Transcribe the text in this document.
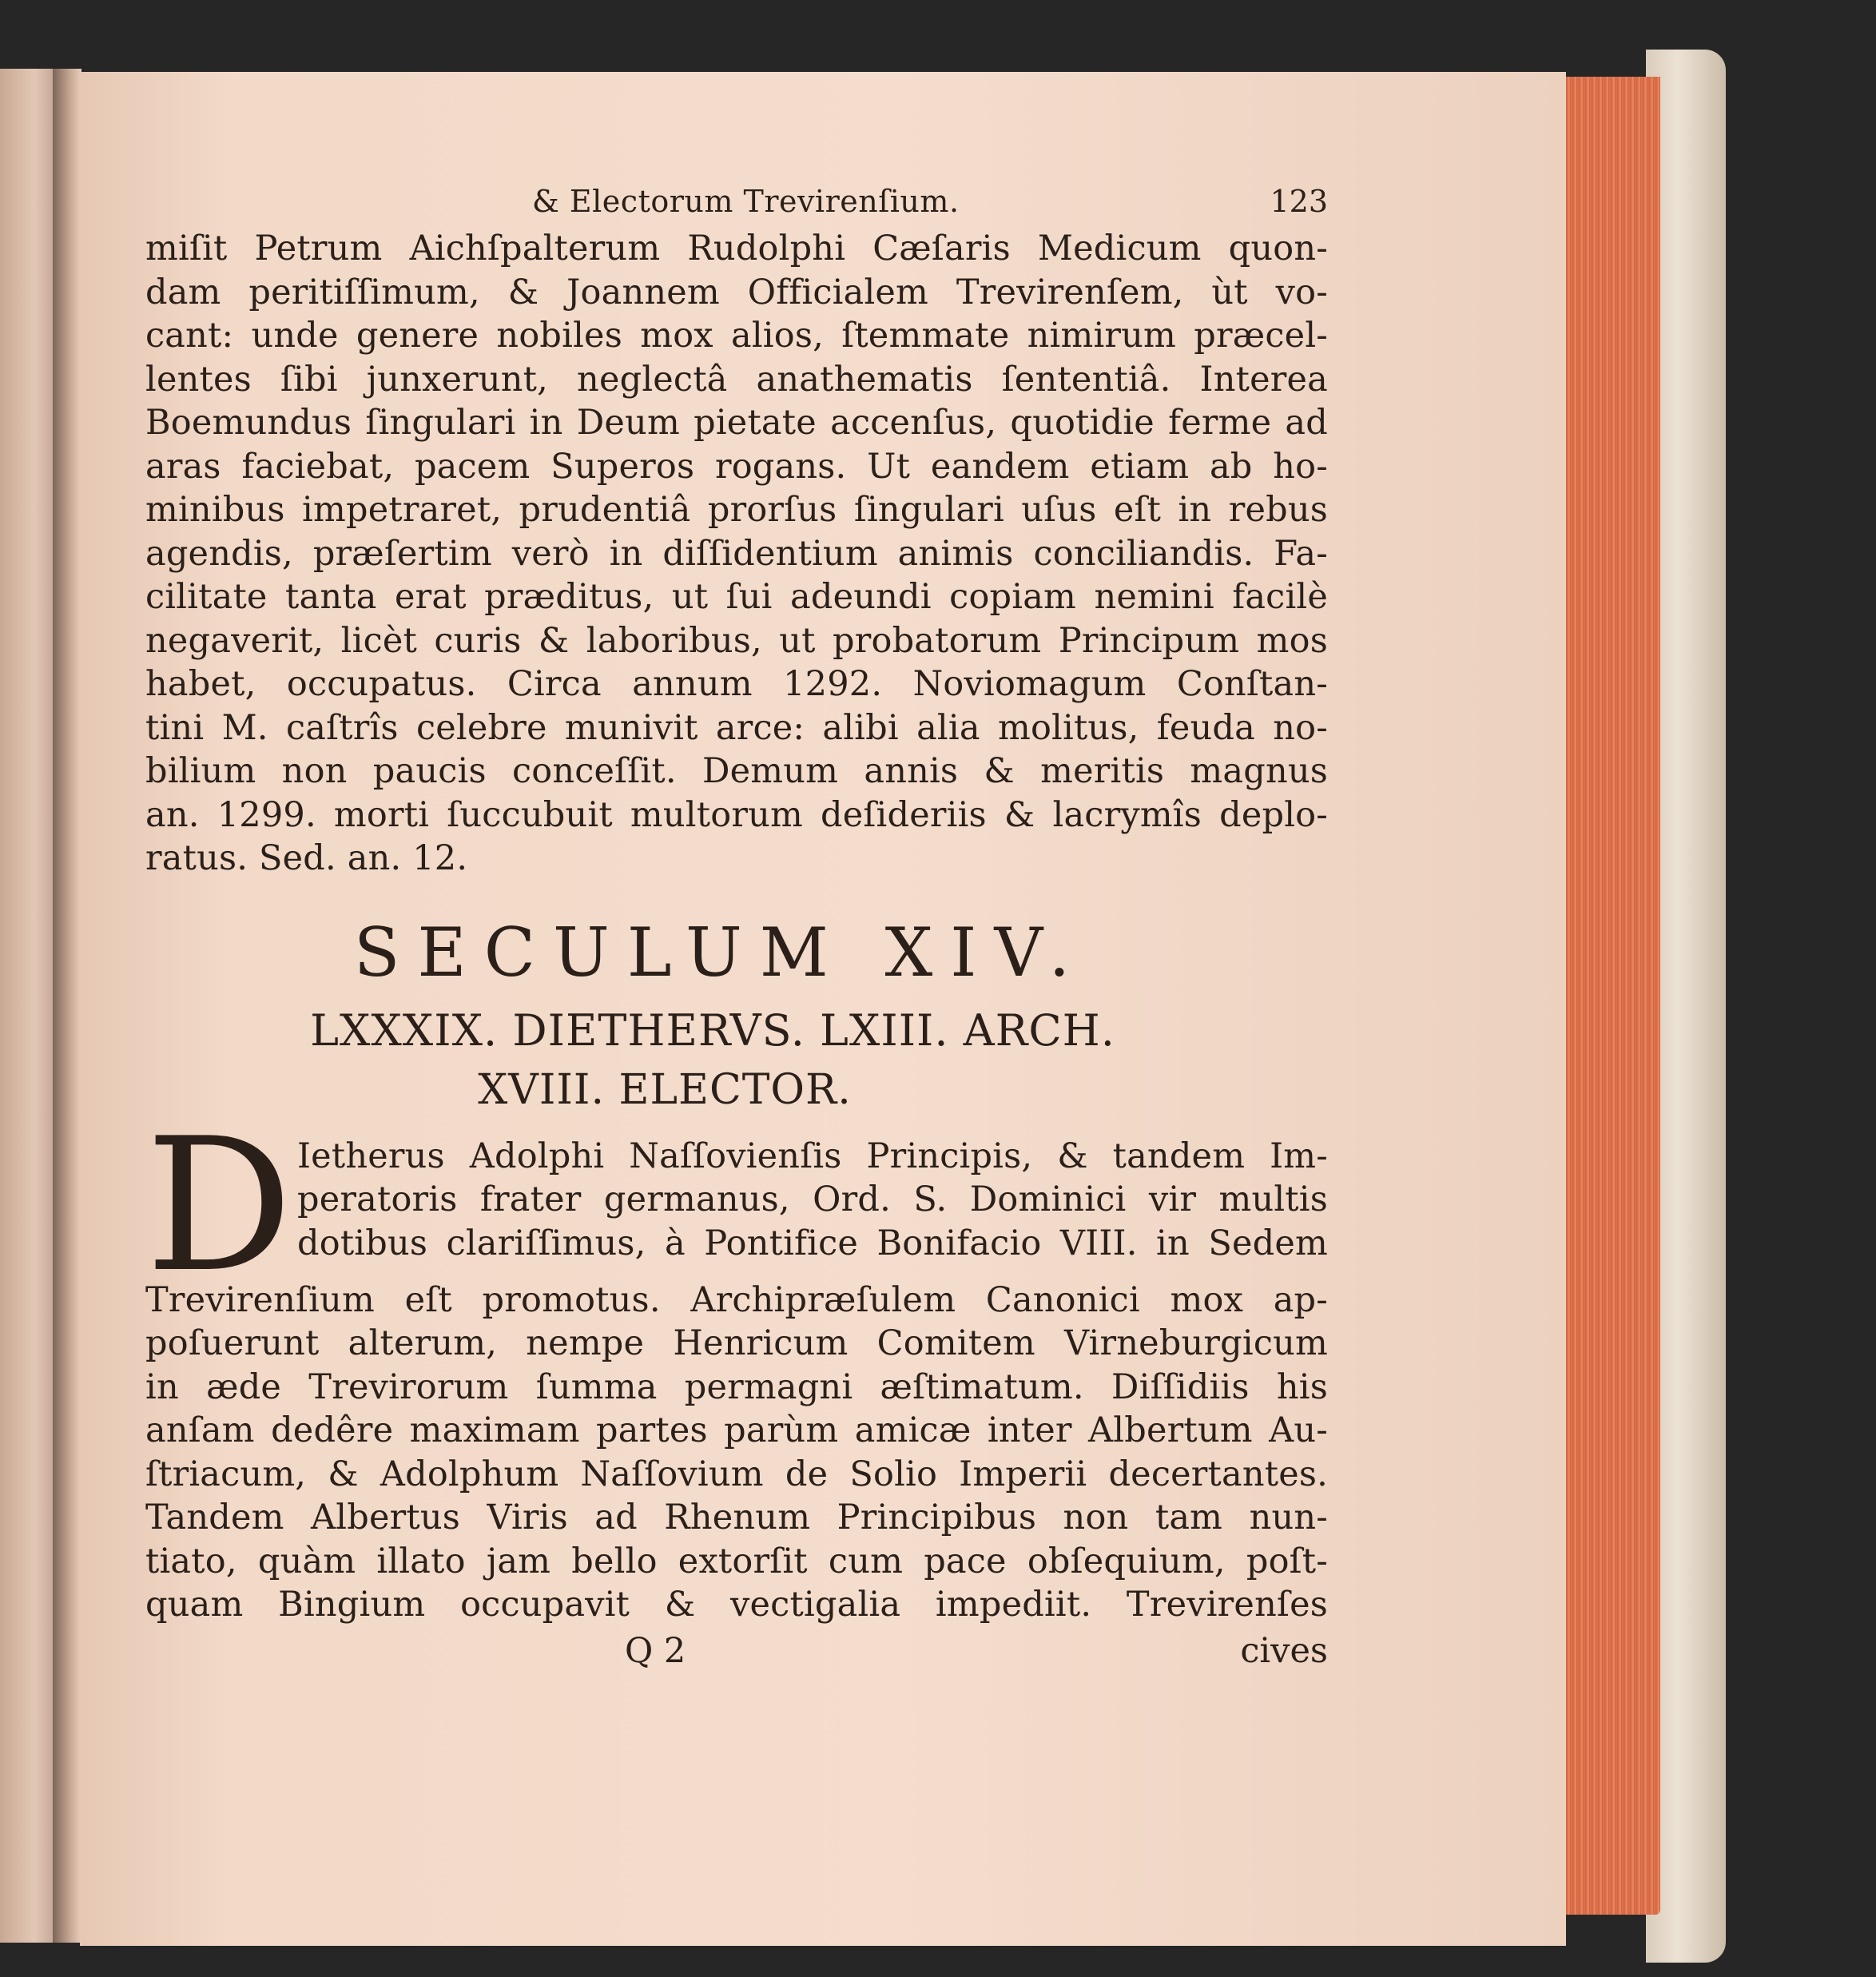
& Electorum Trevirenſium.	123
miſit Petrum Aichſpalterum Rudolphi Cæſaris Medicum quon-
dam peritiſſimum, & Joannem Officialem Trevirenſem, ùt vo-
cant: unde genere nobiles mox alios, ſtemmate nimirum præcel-
lentes ſibi junxerunt, neglectâ anathematis ſententiâ. Interea
Boemundus ſingulari in Deum pietate accenſus, quotidie ferme ad
aras faciebat, pacem Superos rogans. Ut eandem etiam ab ho-
minibus impetraret, prudentiâ prorſus ſingulari uſus eſt in rebus
agendis, præſertim verò in diſſidentium animis conciliandis. Fa-
cilitate tanta erat præditus, ut ſui adeundi copiam nemini facilè
negaverit, licèt curis & laboribus, ut probatorum Principum mos
habet, occupatus. Circa annum 1292. Noviomagum Conſtan-
tini M. caſtrîs celebre munivit arce: alibi alia molitus, feuda no-
bilium non paucis conceſſit. Demum annis & meritis magnus
an. 1299. morti ſuccubuit multorum deſideriis & lacrymîs deplo-
ratus. Sed. an. 12.
SECULUM XIV.
LXXXIX. DIETHERVS. LXIII. ARCH.
XVIII. ELECTOR.
D Ietherus Adolphi Naſſovienſis Principis, & tandem Im-
peratoris frater germanus, Ord. S. Dominici vir multis
dotibus clariſſimus, à Pontifice Bonifacio VIII. in Sedem
Trevirenſium eſt promotus. Archipræſulem Canonici mox ap-
poſuerunt alterum, nempe Henricum Comitem Virneburgicum
in æde Trevirorum ſumma permagni æſtimatum. Diſſidiis his
anſam dedêre maximam partes parùm amicæ inter Albertum Au-
ſtriacum, & Adolphum Naſſovium de Solio Imperii decertantes.
Tandem Albertus Viris ad Rhenum Principibus non tam nun-
tiato, quàm illato jam bello extorſit cum pace obſequium, poſt-
quam Bingium occupavit & vectigalia impediit. Trevirenſes
Q 2	cives
